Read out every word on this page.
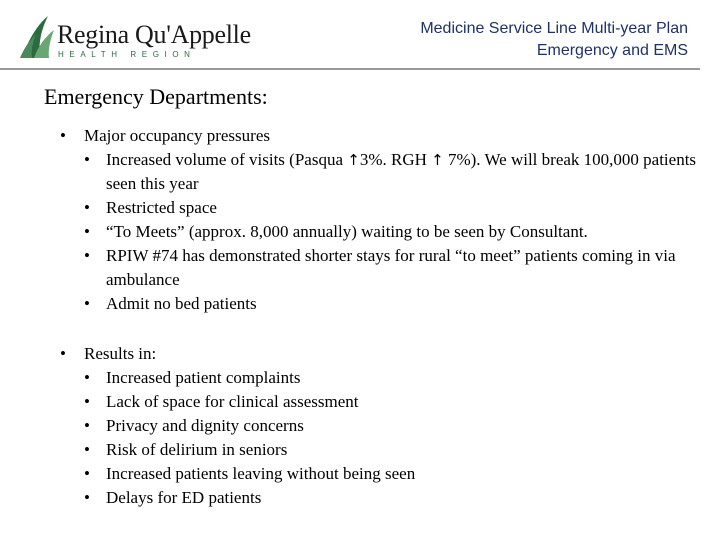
Regina Qu'Appelle
HEALTH REGION
Medicine Service Line Multi-year Plan
Emergency and EMS
Emergency Departments:
• Major occupancy pressures
• Increased volume of visits (Pasqua ↑3%. RGH ↑ 7%). We will break 100,000 patients seen this year
• Restricted space
• “To Meets” (approx. 8,000 annually) waiting to be seen by Consultant.
• RPIW #74 has demonstrated shorter stays for rural “to meet” patients coming in via ambulance
• Admit no bed patients
• Results in:
• Increased patient complaints
• Lack of space for clinical assessment
• Privacy and dignity concerns
• Risk of delirium in seniors
• Increased patients leaving without being seen
• Delays for ED patients
